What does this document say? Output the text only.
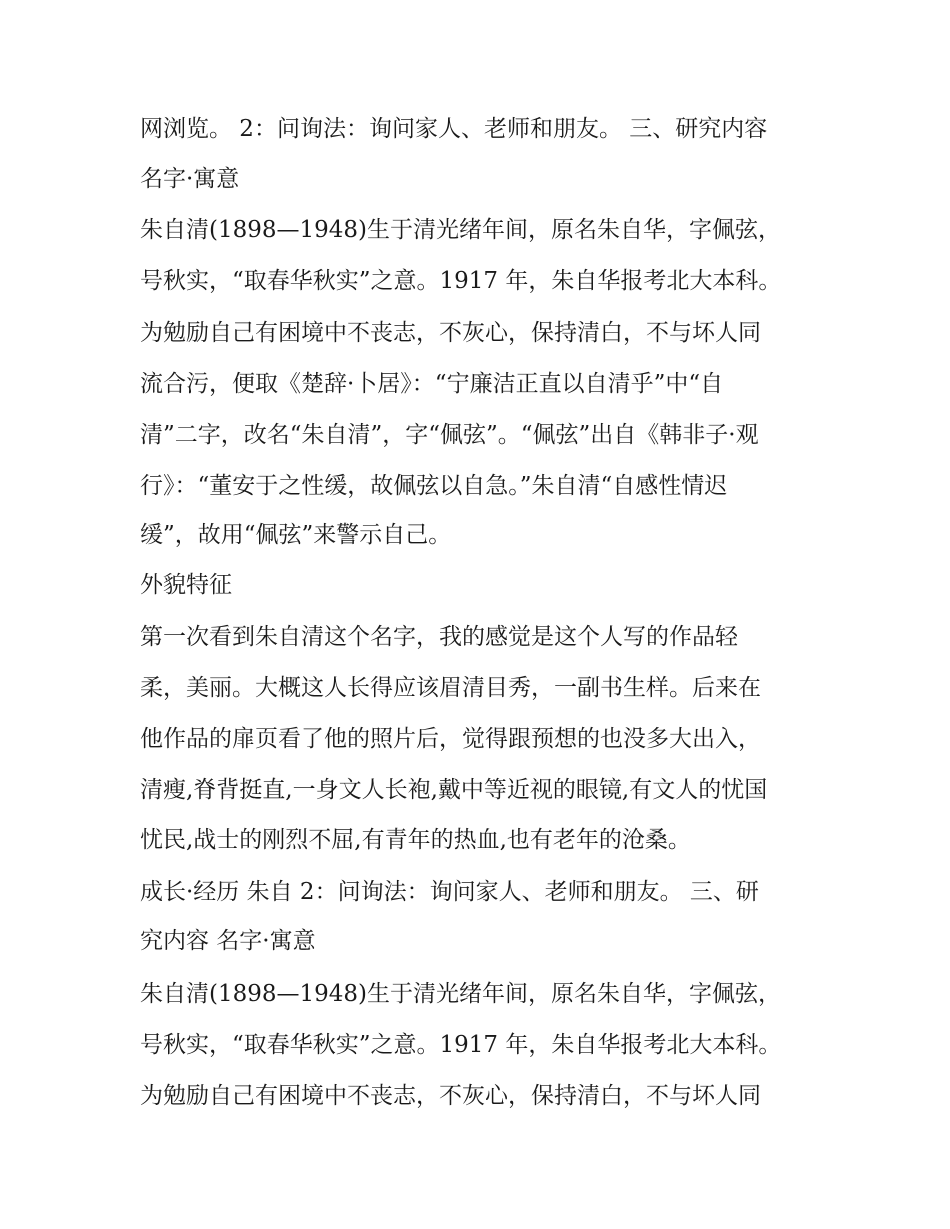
网浏览。 2：问询法：询问家人、老师和朋友。 三、研究内容
名字·寓意
朱自清(1898—1948)生于清光绪年间，原名朱自华，字佩弦，
号秋实，“取春华秋实”之意。1917 年，朱自华报考北大本科。
为勉励自己有困境中不丧志，不灰心，保持清白，不与坏人同
流合污，便取《楚辞·卜居》：“宁廉洁正直以自清乎”中“自
清”二字，改名“朱自清”，字“佩弦”。“佩弦”出自《韩非子·观
行》：“董安于之性缓，故佩弦以自急。”朱自清“自感性情迟
缓”，故用“佩弦”来警示自己。
外貌特征
第一次看到朱自清这个名字，我的感觉是这个人写的作品轻
柔，美丽。大概这人长得应该眉清目秀，一副书生样。后来在
他作品的扉页看了他的照片后，觉得跟预想的也没多大出入，
清瘦,脊背挺直,一身文人长袍,戴中等近视的眼镜,有文人的忧国
忧民,战士的刚烈不屈,有青年的热血,也有老年的沧桑。
成长·经历 朱自 2：问询法：询问家人、老师和朋友。 三、研
究内容 名字·寓意
朱自清(1898—1948)生于清光绪年间，原名朱自华，字佩弦，
号秋实，“取春华秋实”之意。1917 年，朱自华报考北大本科。
为勉励自己有困境中不丧志，不灰心，保持清白，不与坏人同
